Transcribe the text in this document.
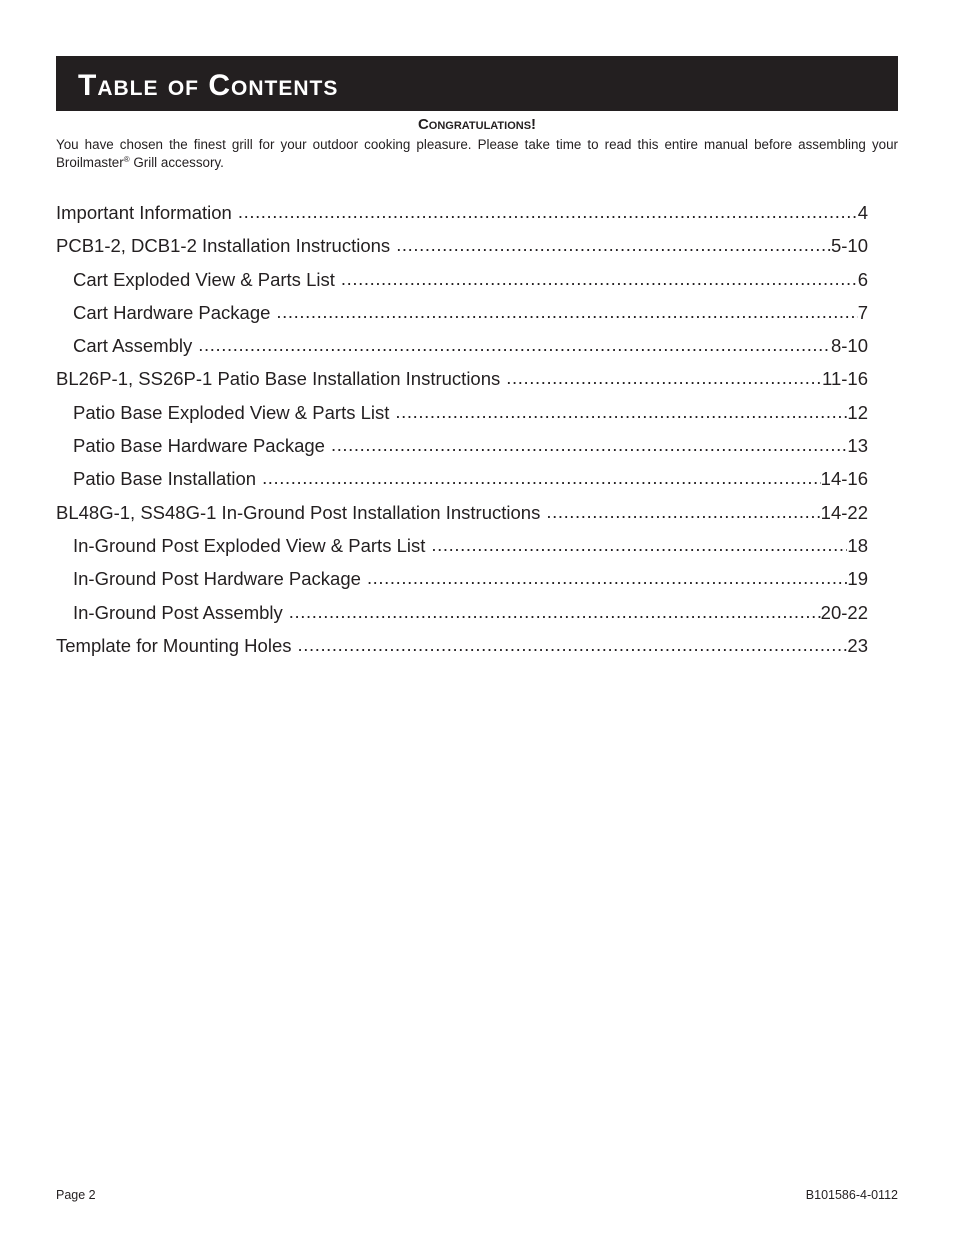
Table of Contents
Congratulations!
You have chosen the finest grill for your outdoor cooking pleasure. Please take time to read this entire manual before assembling your Broilmaster® Grill accessory.
Important Information .....	4
PCB1-2, DCB1-2 Installation Instructions .....	5-10
Cart Exploded View & Parts List .....	6
Cart Hardware Package .....	7
Cart Assembly .....	8-10
BL26P-1, SS26P-1 Patio Base Installation Instructions .....	11-16
Patio Base Exploded View & Parts List .....	12
Patio Base Hardware Package .....	13
Patio Base Installation .....	14-16
BL48G-1, SS48G-1 In-Ground Post Installation Instructions .....	14-22
In-Ground Post Exploded View & Parts List .....	18
In-Ground Post Hardware Package .....	19
In-Ground Post Assembly .....	20-22
Template for Mounting Holes .....	23
Page 2	B101586-4-0112
